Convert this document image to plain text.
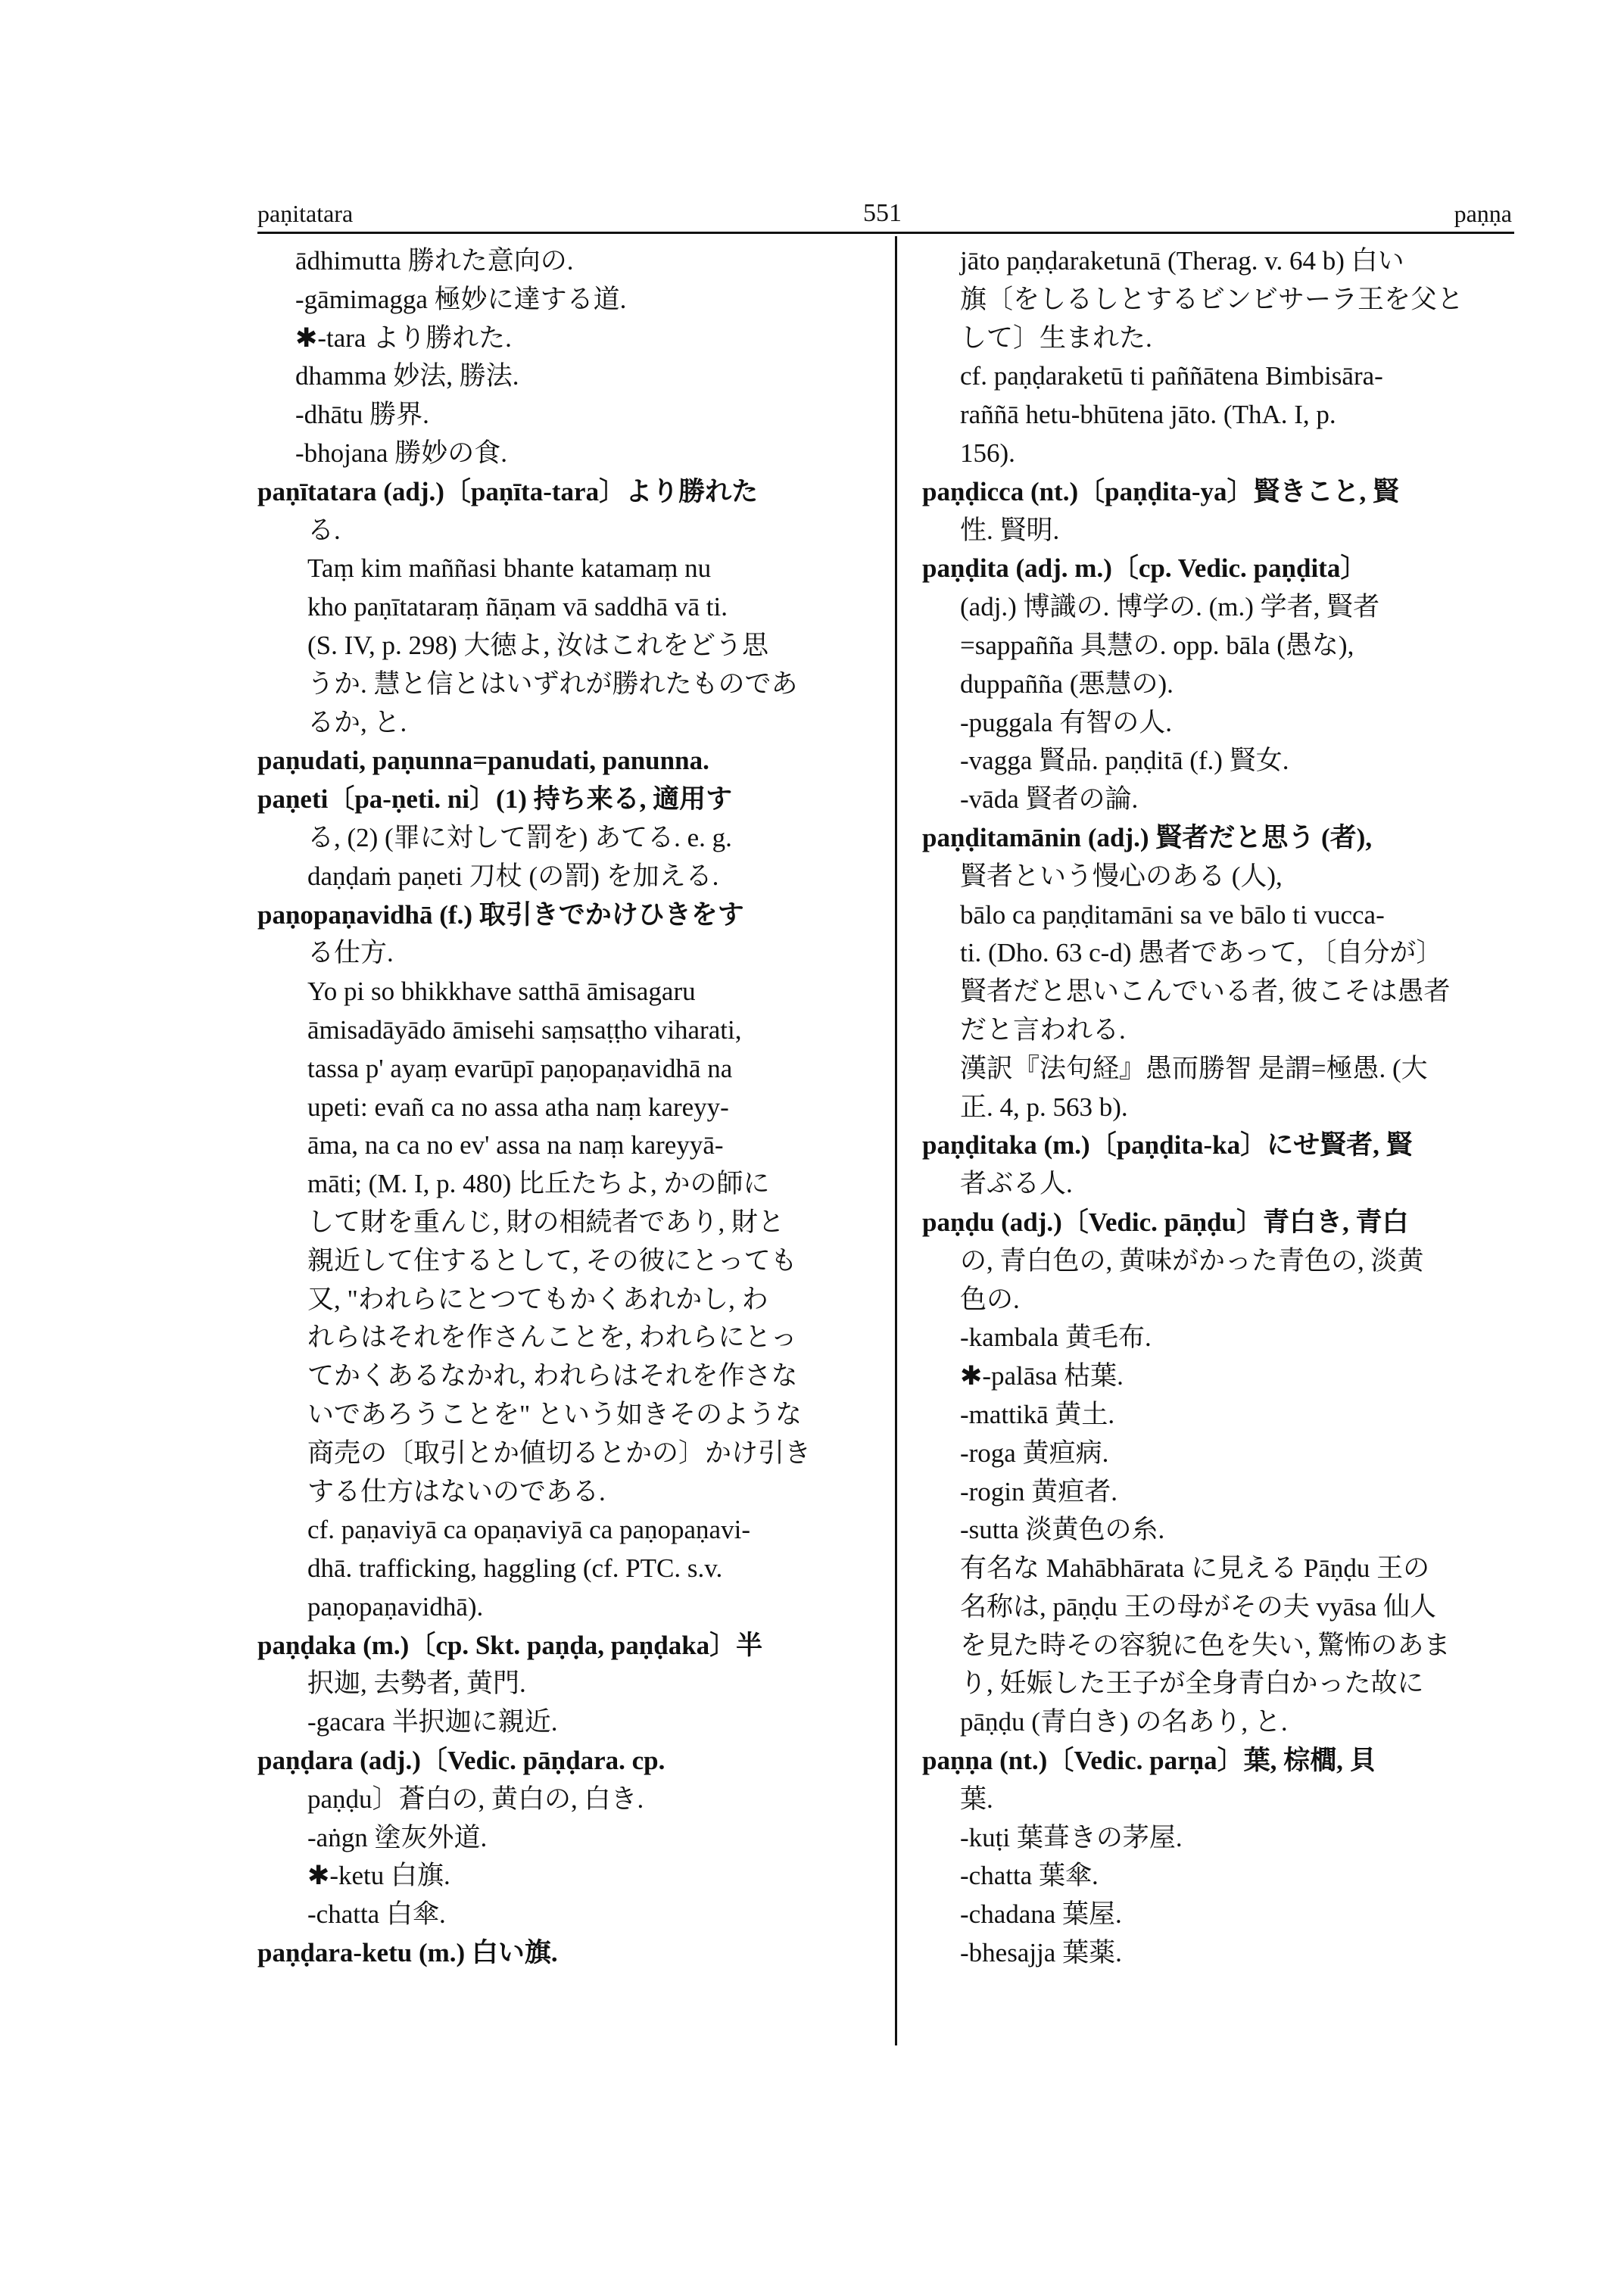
paṇitatara	551	paṇṇa
ādhimutta 勝れた意向の.
-gāmimagga 極妙に達する道.
✱-tara より勝れた.
dhamma 妙法, 勝法.
-dhātu 勝界.
-bhojana 勝妙の食.
paṇītatara (adj.)〔paṇīta-tara〕より勝れた
る.
Taṃ kim maññasi bhante katamaṃ nu
kho paṇītataraṃ ñāṇam vā saddhā vā ti.
(S. IV, p. 298) 大徳よ, 汝はこれをどう思
うか. 慧と信とはいずれが勝れたものであ
るか, と.
paṇudati, paṇunna=panudati, panunna.
paṇeti〔pa-ṇeti. ni〕(1) 持ち来る, 適用す
る, (2) (罪に対して罰を) あてる. e. g.
daṇḍaṁ paṇeti 刀杖 (の罰) を加える.
paṇopaṇavidhā (f.) 取引きでかけひきをす
る仕方.
Yo pi so bhikkhave satthā āmisagaru
āmisadāyādo āmisehi saṃsaṭṭho viharati,
tassa p' ayaṃ evarūpī paṇopaṇavidhā na
upeti: evañ ca no assa atha naṃ kareyy-
āma, na ca no ev' assa na naṃ kareyyā-
māti; (M. I, p. 480) 比丘たちよ, かの師に
して財を重んじ, 財の相続者であり, 財と
親近して住するとして, その彼にとっても
又, "われらにとつてもかくあれかし, わ
れらはそれを作さんことを, われらにとっ
てかくあるなかれ, われらはそれを作さな
いであろうことを" という如きそのような
商売の〔取引とか値切るとかの〕かけ引き
する仕方はないのである.
cf. paṇaviyā ca opaṇaviyā ca paṇopaṇavi-
dhā. trafficking, haggling (cf. PTC. s.v.
paṇopaṇavidhā).
paṇḍaka (m.)〔cp. Skt. paṇḍa, paṇḍaka〕半
択迦, 去勢者, 黄門.
-gacara 半択迦に親近.
paṇḍara (adj.)〔Vedic. pāṇḍara. cp.
paṇḍu〕蒼白の, 黄白の, 白き.
-aṅgn 塗灰外道.
✱-ketu 白旗.
-chatta 白傘.
paṇḍara-ketu (m.) 白い旗.
jāto paṇḍaraketunā (Therag. v. 64 b) 白い
旗〔をしるしとするビンビサーラ王を父と
して〕生まれた.
cf. paṇḍaraketū ti paññātena Bimbisāra-
raññā hetu-bhūtena jāto. (ThA. I, p.
156).
paṇḍicca (nt.)〔paṇḍita-ya〕賢きこと, 賢
性. 賢明.
paṇḍita (adj. m.)〔cp. Vedic. paṇḍita〕
(adj.) 博識の. 博学の. (m.) 学者, 賢者
=sappañña 具慧の. opp. bāla (愚な),
duppañña (悪慧の).
-puggala 有智の人.
-vagga 賢品. paṇḍitā (f.) 賢女.
-vāda 賢者の論.
paṇḍitamānin (adj.) 賢者だと思う (者),
賢者という慢心のある (人),
bālo ca paṇḍitamāni sa ve bālo ti vucca-
ti. (Dho. 63 c-d) 愚者であって, 〔自分が〕
賢者だと思いこんでいる者, 彼こそは愚者
だと言われる.
漢訳『法句経』愚而勝智 是謂=極愚. (大
正. 4, p. 563 b).
paṇḍitaka (m.)〔paṇḍita-ka〕にせ賢者, 賢
者ぶる人.
paṇḍu (adj.)〔Vedic. pāṇḍu〕青白き, 青白
の, 青白色の, 黄味がかった青色の, 淡黄
色の.
-kambala 黄毛布.
✱-palāsa 枯葉.
-mattikā 黄土.
-roga 黄疸病.
-rogin 黄疸者.
-sutta 淡黄色の糸.
有名な Mahābhārata に見える Pāṇḍu 王の
名称は, pāṇḍu 王の母がその夫 vyāsa 仙人
を見た時その容貌に色を失い, 驚怖のあま
り, 妊娠した王子が全身青白かった故に
pāṇḍu (青白き) の名あり, と.
paṇṇa (nt.)〔Vedic. parṇa〕葉, 棕櫚, 貝
葉.
-kuṭi 葉葺きの茅屋.
-chatta 葉傘.
-chadana 葉屋.
-bhesajja 葉薬.
